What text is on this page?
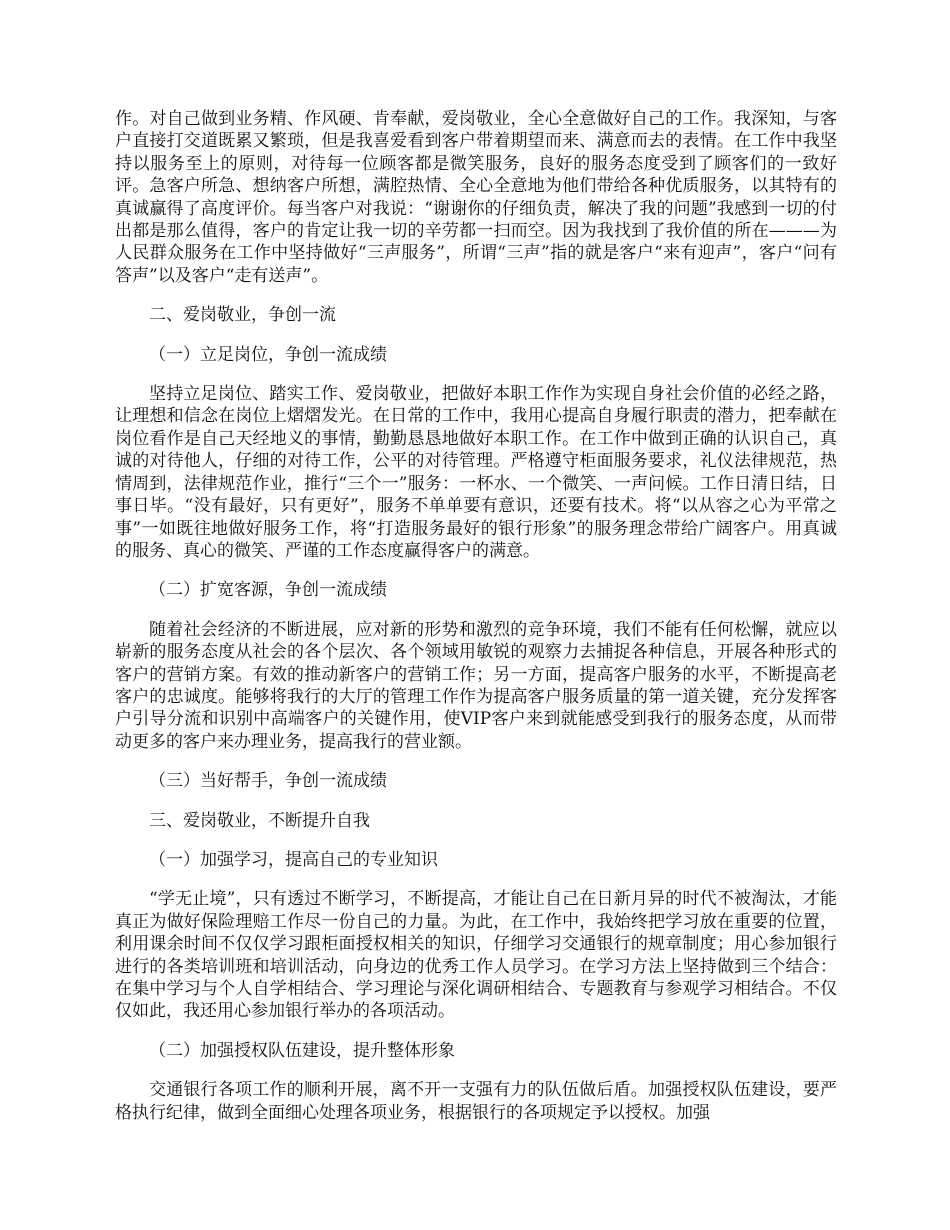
作。对自己做到业务精、作风硬、肯奉献，爱岗敬业，全心全意做好自己的工作。我深知，与客户直接打交道既累又繁琐，但是我喜爱看到客户带着期望而来、满意而去的表情。在工作中我坚持以服务至上的原则，对待每一位顾客都是微笑服务，良好的服务态度受到了顾客们的一致好评。急客户所急、想纳客户所想，满腔热情、全心全意地为他们带给各种优质服务，以其特有的真诚赢得了高度评价。每当客户对我说：“谢谢你的仔细负责，解决了我的问题”我感到一切的付出都是那么值得，客户的肯定让我一切的辛劳都一扫而空。因为我找到了我价值的所在———为人民群众服务在工作中坚持做好“三声服务”，所谓“三声”指的就是客户“来有迎声”，客户“问有答声”以及客户“走有送声”。

二、爱岗敬业，争创一流

（一）立足岗位，争创一流成绩

坚持立足岗位、踏实工作、爱岗敬业，把做好本职工作作为实现自身社会价值的必经之路，让理想和信念在岗位上熠熠发光。在日常的工作中，我用心提高自身履行职责的潜力，把奉献在岗位看作是自己天经地义的事情，勤勤恳恳地做好本职工作。在工作中做到正确的认识自己，真诚的对待他人，仔细的对待工作，公平的对待管理。严格遵守柜面服务要求，礼仪法律规范，热情周到，法律规范作业，推行“三个一”服务：一杯水、一个微笑、一声问候。工作日清日结，日事日毕。“没有最好，只有更好”，服务不单单要有意识，还要有技术。将“以从容之心为平常之事”一如既往地做好服务工作，将“打造服务最好的银行形象”的服务理念带给广阔客户。用真诚的服务、真心的微笑、严谨的工作态度赢得客户的满意。

（二）扩宽客源，争创一流成绩

随着社会经济的不断进展，应对新的形势和激烈的竞争环境，我们不能有任何松懈，就应以崭新的服务态度从社会的各个层次、各个领域用敏锐的观察力去捕捉各种信息，开展各种形式的客户的营销方案。有效的推动新客户的营销工作；另一方面，提高客户服务的水平，不断提高老客户的忠诚度。能够将我行的大厅的管理工作作为提高客户服务质量的第一道关键，充分发挥客户引导分流和识别中高端客户的关键作用，使VIP客户来到就能感受到我行的服务态度，从而带动更多的客户来办理业务，提高我行的营业额。

（三）当好帮手，争创一流成绩

三、爱岗敬业，不断提升自我

（一）加强学习，提高自己的专业知识

“学无止境”，只有透过不断学习，不断提高，才能让自己在日新月异的时代不被淘汰，才能真正为做好保险理赔工作尽一份自己的力量。为此，在工作中，我始终把学习放在重要的位置，利用课余时间不仅仅学习跟柜面授权相关的知识，仔细学习交通银行的规章制度；用心参加银行进行的各类培训班和培训活动，向身边的优秀工作人员学习。在学习方法上坚持做到三个结合：在集中学习与个人自学相结合、学习理论与深化调研相结合、专题教育与参观学习相结合。不仅仅如此，我还用心参加银行举办的各项活动。

（二）加强授权队伍建设，提升整体形象

交通银行各项工作的顺利开展，离不开一支强有力的队伍做后盾。加强授权队伍建设，要严格执行纪律，做到全面细心处理各项业务，根据银行的各项规定予以授权。加强
